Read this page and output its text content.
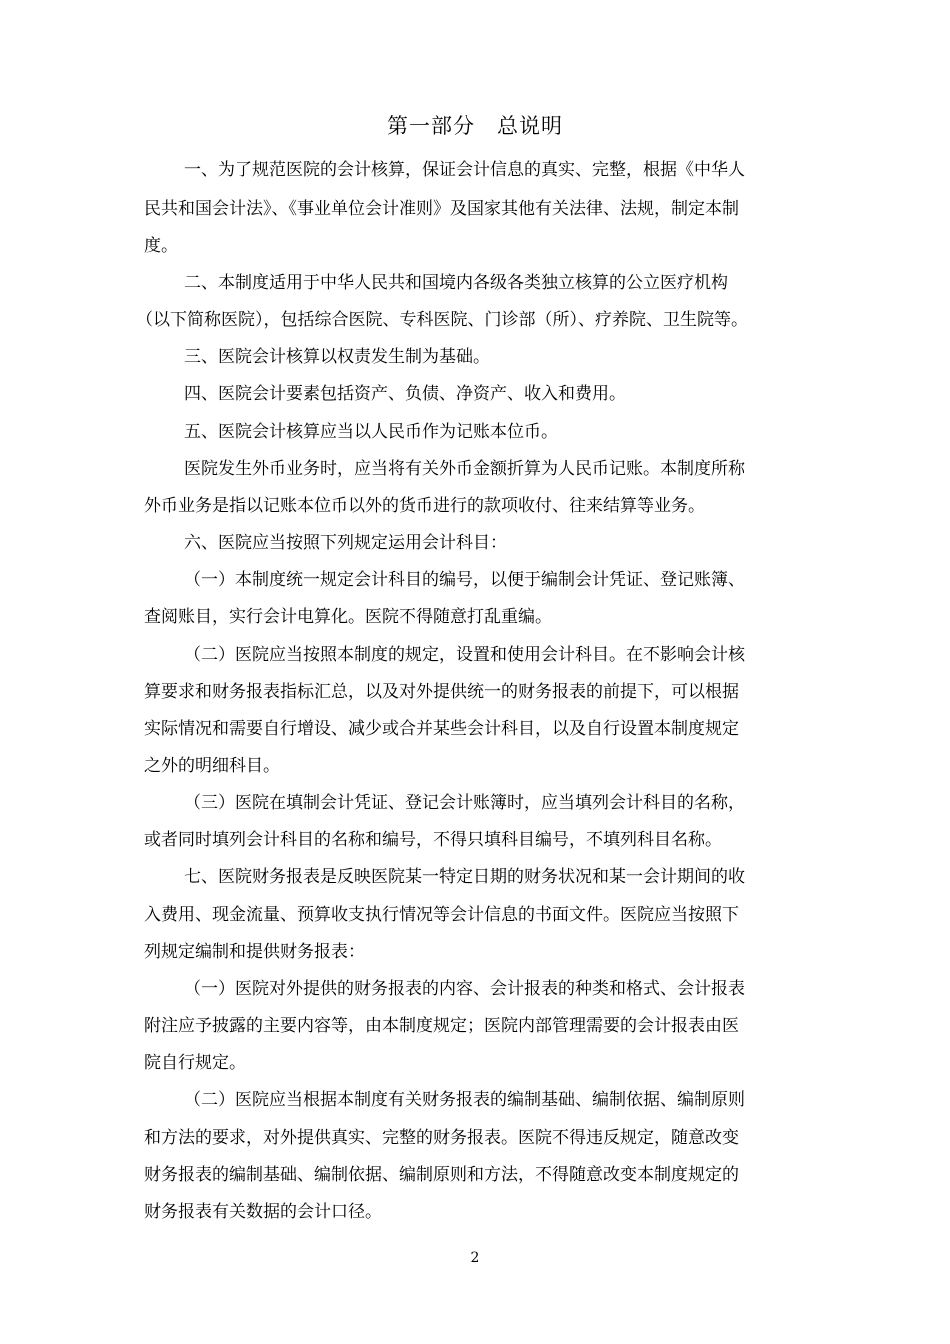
第一部分　总说明
一、为了规范医院的会计核算，保证会计信息的真实、完整，根据《中华人
民共和国会计法》、《事业单位会计准则》及国家其他有关法律、法规，制定本制
度。
二、本制度适用于中华人民共和国境内各级各类独立核算的公立医疗机构
（以下简称医院），包括综合医院、专科医院、门诊部（所）、疗养院、卫生院等。
三、医院会计核算以权责发生制为基础。
四、医院会计要素包括资产、负债、净资产、收入和费用。
五、医院会计核算应当以人民币作为记账本位币。
医院发生外币业务时，应当将有关外币金额折算为人民币记账。本制度所称
外币业务是指以记账本位币以外的货币进行的款项收付、往来结算等业务。
六、医院应当按照下列规定运用会计科目：
（一）本制度统一规定会计科目的编号，以便于编制会计凭证、登记账簿、
查阅账目，实行会计电算化。医院不得随意打乱重编。
（二）医院应当按照本制度的规定，设置和使用会计科目。在不影响会计核
算要求和财务报表指标汇总，以及对外提供统一的财务报表的前提下，可以根据
实际情况和需要自行增设、减少或合并某些会计科目，以及自行设置本制度规定
之外的明细科目。
（三）医院在填制会计凭证、登记会计账簿时，应当填列会计科目的名称，
或者同时填列会计科目的名称和编号，不得只填科目编号，不填列科目名称。
七、医院财务报表是反映医院某一特定日期的财务状况和某一会计期间的收
入费用、现金流量、预算收支执行情况等会计信息的书面文件。医院应当按照下
列规定编制和提供财务报表：
（一）医院对外提供的财务报表的内容、会计报表的种类和格式、会计报表
附注应予披露的主要内容等，由本制度规定；医院内部管理需要的会计报表由医
院自行规定。
（二）医院应当根据本制度有关财务报表的编制基础、编制依据、编制原则
和方法的要求，对外提供真实、完整的财务报表。医院不得违反规定，随意改变
财务报表的编制基础、编制依据、编制原则和方法，不得随意改变本制度规定的
财务报表有关数据的会计口径。
2
